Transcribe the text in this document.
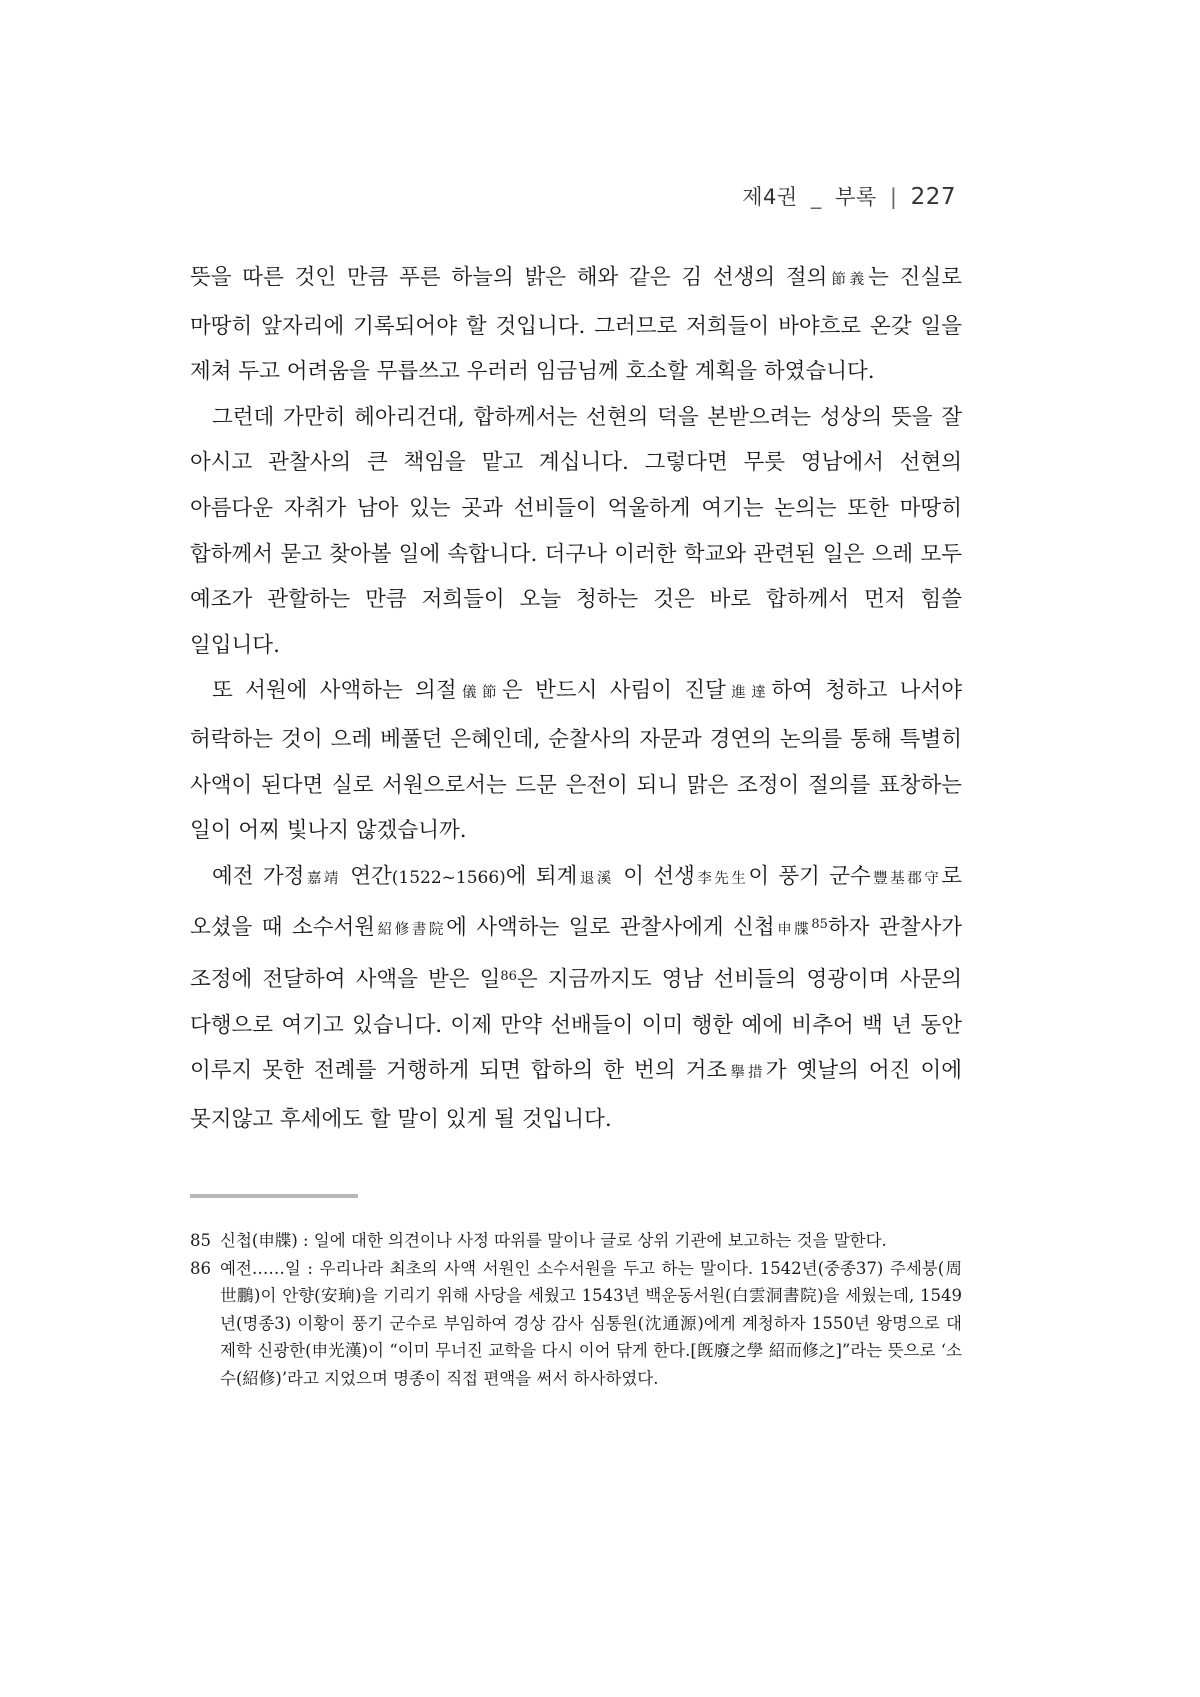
제4권 _ 부록 | 227

뜻을 따른 것인 만큼 푸른 하늘의 밝은 해와 같은 김 선생의 절의節義는 진실로 마땅히 앞자리에 기록되어야 할 것입니다. 그러므로 저희들이 바야흐로 온갖 일을 제쳐 두고 어려움을 무릅쓰고 우러러 임금님께 호소할 계획을 하였습니다.

그런데 가만히 헤아리건대, 합하께서는 선현의 덕을 본받으려는 성상의 뜻을 잘 아시고 관찰사의 큰 책임을 맡고 계십니다. 그렇다면 무릇 영남에서 선현의 아름다운 자취가 남아 있는 곳과 선비들이 억울하게 여기는 논의는 또한 마땅히 합하께서 묻고 찾아볼 일에 속합니다. 더구나 이러한 학교와 관련된 일은 으레 모두 예조가 관할하는 만큼 저희들이 오늘 청하는 것은 바로 합하께서 먼저 힘쓸 일입니다.

또 서원에 사액하는 의절儀節은 반드시 사림이 진달進達하여 청하고 나서야 허락하는 것이 으레 베풀던 은혜인데, 순찰사의 자문과 경연의 논의를 통해 특별히 사액이 된다면 실로 서원으로서는 드문 은전이 되니 맑은 조정이 절의를 표창하는 일이 어찌 빛나지 않겠습니까.

예전 가정嘉靖 연간(1522~1566)에 퇴계退溪 이 선생李先生이 풍기 군수豐基郡守로 오셨을 때 소수서원紹修書院에 사액하는 일로 관찰사에게 신첩申牒$^{85}$하자 관찰사가 조정에 전달하여 사액을 받은 일$^{86}$은 지금까지도 영남 선비들의 영광이며 사문의 다행으로 여기고 있습니다. 이제 만약 선배들이 이미 행한 예에 비추어 백 년 동안 이루지 못한 전례를 거행하게 되면 합하의 한 번의 거조擧措가 옛날의 어진 이에 못지않고 후세에도 할 말이 있게 될 것입니다.

85 신첩(申牒) : 일에 대한 의견이나 사정 따위를 말이나 글로 상위 기관에 보고하는 것을 말한다.

86 예전……일 : 우리나라 최초의 사액 서원인 소수서원을 두고 하는 말이다. 1542년(중종37) 주세붕(周世鵬)이 안향(安珦)을 기리기 위해 사당을 세웠고 1543년 백운동서원(白雲洞書院)을 세웠는데, 1549년(명종3) 이황이 풍기 군수로 부임하여 경상 감사 심통원(沈通源)에게 계청하자 1550년 왕명으로 대제학 신광한(申光漢)이 “이미 무너진 교학을 다시 이어 닦게 한다.[旣廢之學 紹而修之]”라는 뜻으로 ‘소수(紹修)’라고 지었으며 명종이 직접 편액을 써서 하사하였다.
